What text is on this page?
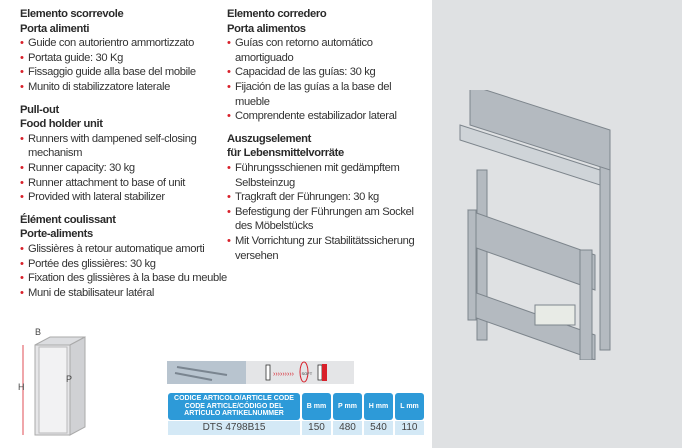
Elemento scorrevole
Porta alimenti
• Guide con autorientro ammortizzato
• Portata guide: 30 Kg
• Fissaggio guide alla base del mobile
• Munito di stabilizzatore laterale
Pull-out
Food holder unit
• Runners with dampened self-closing mechanism
• Runner capacity: 30 kg
• Runner attachment to base of unit
• Provided with lateral stabilizer
Élément coulissant
Porte-aliments
• Glissières à retour automatique amorti
• Portée des glissières: 30 kg
• Fixation des glissières à la base du meuble
• Muni de stabilisateur latéral
Elemento corredero
Porta alimentos
• Guías con retorno automático amortiguado
• Capacidad de las guías: 30 kg
• Fijación de las guías a la base del mueble
• Comprendente estabilizador lateral
Auszugselement
für Lebensmittelvorräte
• Führungsschienen mit gedämpftem Selbsteinzug
• Tragkraft der Führungen: 30 kg
• Befestigung der Führungen am Sockel des Möbelstücks
• Mit Vorrichtung zur Stabilitätssicherung versehen
B
P
H
››››››››› SOFT
CODICE ARTICOLO/ARTICLE CODE CODE ARTICLE/CÓDIGO DEL ARTÍCULO ARTIKELNUMMER	B mm	P mm	H mm	L mm
DTS 4798B15	150	480	540	110
